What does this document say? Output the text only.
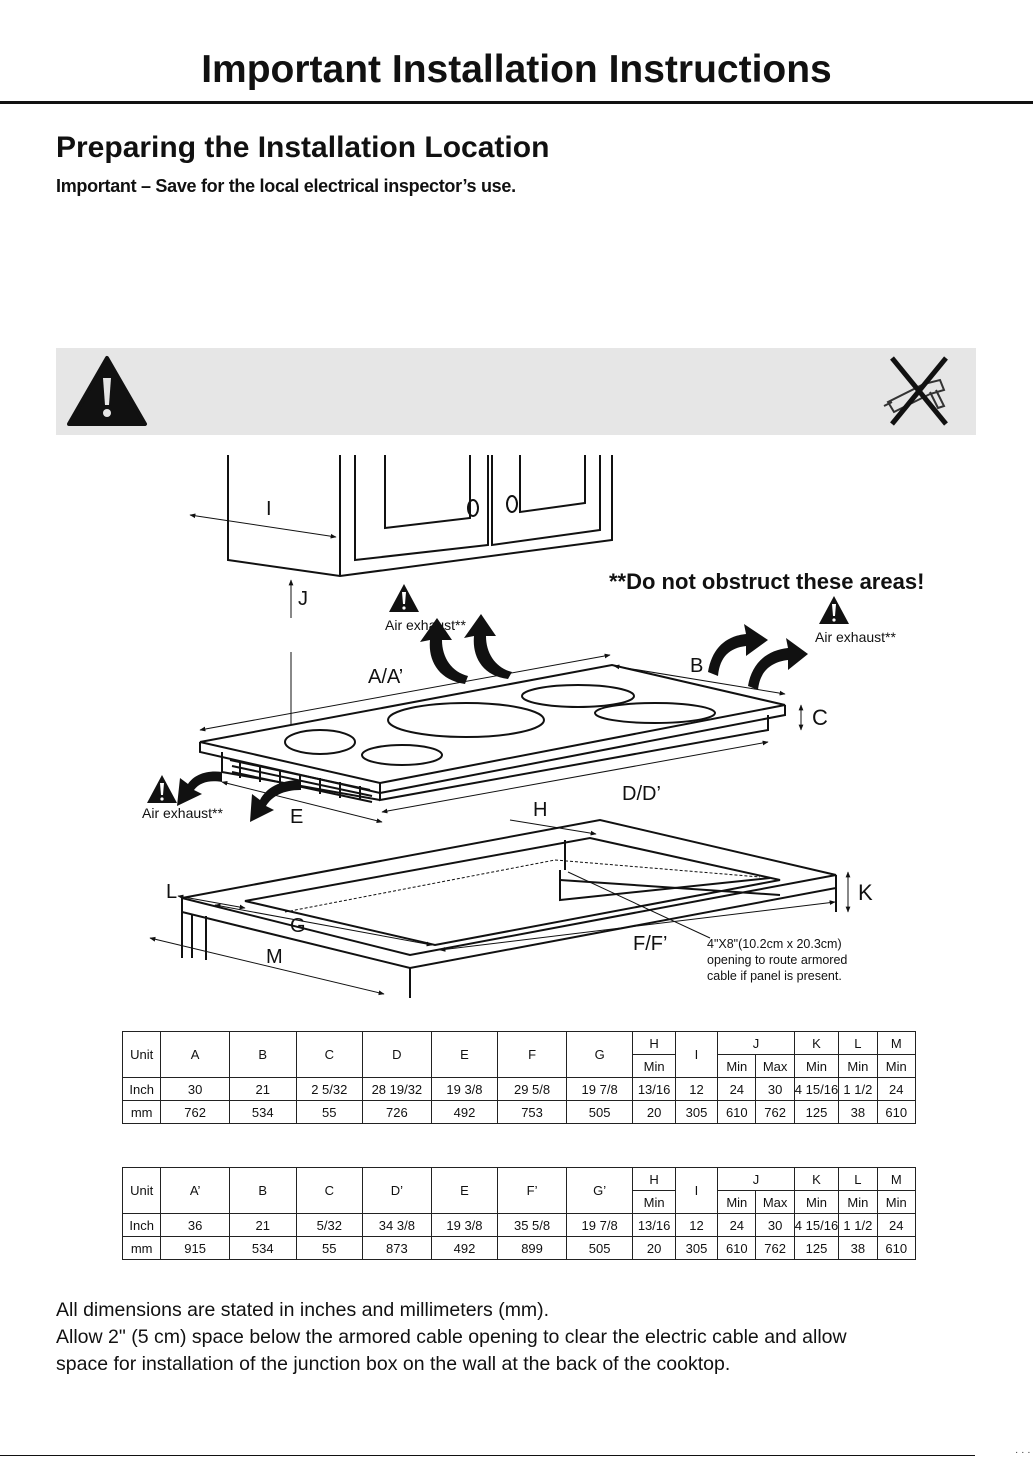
Important Installation Instructions
Preparing the Installation Location
Important – Save for the local electrical inspector’s use.
I
J
A/A’	B
C
D/D’
E	H
K
L
G
M
F/F’
**Do not obstruct these areas!
Air exhaust**
Air exhaust**
Air exhaust**
4"X8"(10.2cm x 20.3cm)
opening to route armored
cable if panel is present.
Unit	A	B	C	D	E	F	G	H	I	J		K	L	M
								Min		Min	Max	Min	Min	Min
Inch	30	21	2 5/32	28 19/32	19 3/8	29 5/8	19 7/8	13/16	12	24	30	4 15/16	1 1/2	24
mm	762	534	55	726	492	753	505	20	305	610	762	125	38	610
Unit	A’	B	C	D’	E	F’	G’	H	I	J		K	L	M
								Min		Min	Max	Min	Min	Min
Inch	36	21	5/32	34 3/8	19 3/8	35 5/8	19 7/8	13/16	12	24	30	4 15/16	1 1/2	24
mm	915	534	55	873	492	899	505	20	305	610	762	125	38	610
All dimensions are stated in inches and millimeters (mm).
Allow 2" (5 cm) space below the armored cable opening to clear the electric cable and allow
space for installation of the junction box on the wall at the back of the cooktop.
· · ·
